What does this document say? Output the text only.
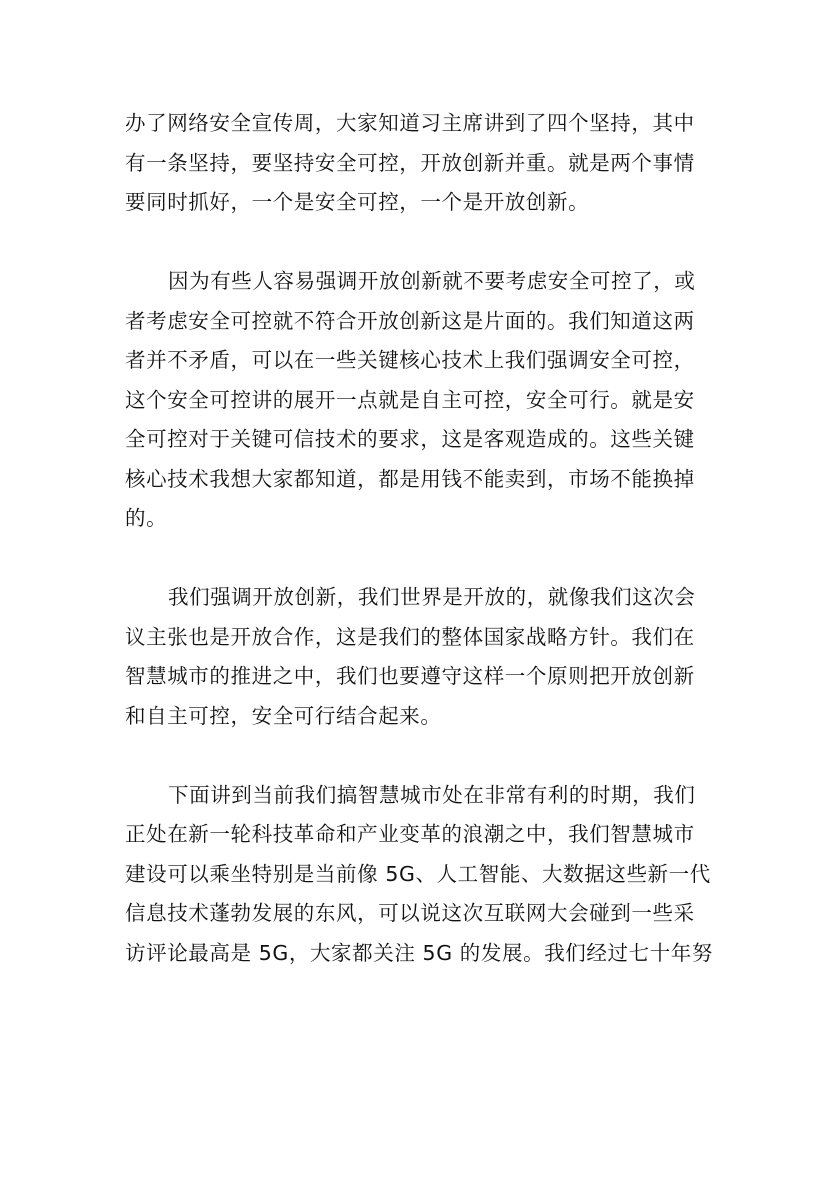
办了网络安全宣传周，大家知道习主席讲到了四个坚持，其中
有一条坚持，要坚持安全可控，开放创新并重。就是两个事情
要同时抓好，一个是安全可控，一个是开放创新。

因为有些人容易强调开放创新就不要考虑安全可控了，或
者考虑安全可控就不符合开放创新这是片面的。我们知道这两
者并不矛盾，可以在一些关键核心技术上我们强调安全可控，
这个安全可控讲的展开一点就是自主可控，安全可行。就是安
全可控对于关键可信技术的要求，这是客观造成的。这些关键
核心技术我想大家都知道，都是用钱不能卖到，市场不能换掉
的。

我们强调开放创新，我们世界是开放的，就像我们这次会
议主张也是开放合作，这是我们的整体国家战略方针。我们在
智慧城市的推进之中，我们也要遵守这样一个原则把开放创新
和自主可控，安全可行结合起来。

下面讲到当前我们搞智慧城市处在非常有利的时期，我们
正处在新一轮科技革命和产业变革的浪潮之中，我们智慧城市
建设可以乘坐特别是当前像 5G、人工智能、大数据这些新一代
信息技术蓬勃发展的东风，可以说这次互联网大会碰到一些采
访评论最高是 5G，大家都关注 5G 的发展。我们经过七十年努
